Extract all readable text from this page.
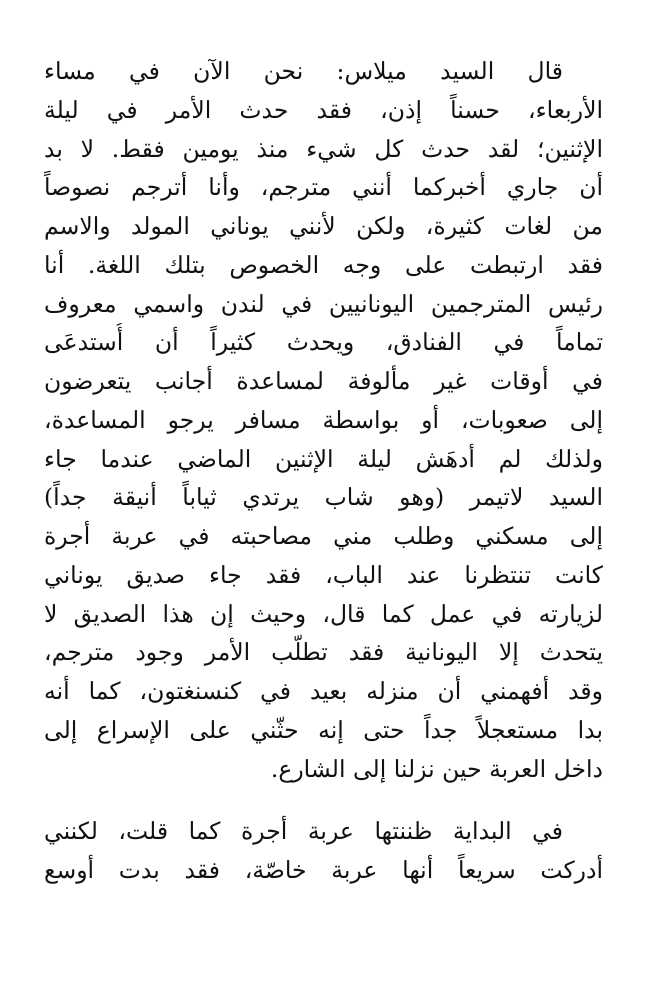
قال السيد ميلاس: نحن الآن في مساء
الأربعاء، حسناً إذن، فقد حدث الأمر في ليلة
الإثنين؛ لقد حدث كل شيء منذ يومين فقط. لا بد
أن جاري أخبركما أنني مترجم، وأنا أترجم نصوصاً
من لغات كثيرة، ولكن لأنني يوناني المولد والاسم
فقد ارتبطت على وجه الخصوص بتلك اللغة. أنا
رئيس المترجمين اليونانيين في لندن واسمي معروف
تماماً في الفنادق، ويحدث كثيراً أن أُستدعَى
في أوقات غير مألوفة لمساعدة أجانب يتعرضون
إلى صعوبات، أو بواسطة مسافر يرجو المساعدة،
ولذلك لم أدهَش ليلة الإثنين الماضي عندما جاء
السيد لاتيمر (وهو شاب يرتدي ثياباً أنيقة جداً)
إلى مسكني وطلب مني مصاحبته في عربة أجرة
كانت تنتظرنا عند الباب، فقد جاء صديق يوناني
لزيارته في عمل كما قال، وحيث إن هذا الصديق لا
يتحدث إلا اليونانية فقد تطلّب الأمر وجود مترجم،
وقد أفهمني أن منزله بعيد في كنسنغتون، كما أنه
بدا مستعجلاً جداً حتى إنه حثّني على الإسراع إلى
داخل العربة حين نزلنا إلى الشارع.
في البداية ظننتها عربة أجرة كما قلت، لكنني
أدركت سريعاً أنها عربة خاصّة، فقد بدت أوسع
